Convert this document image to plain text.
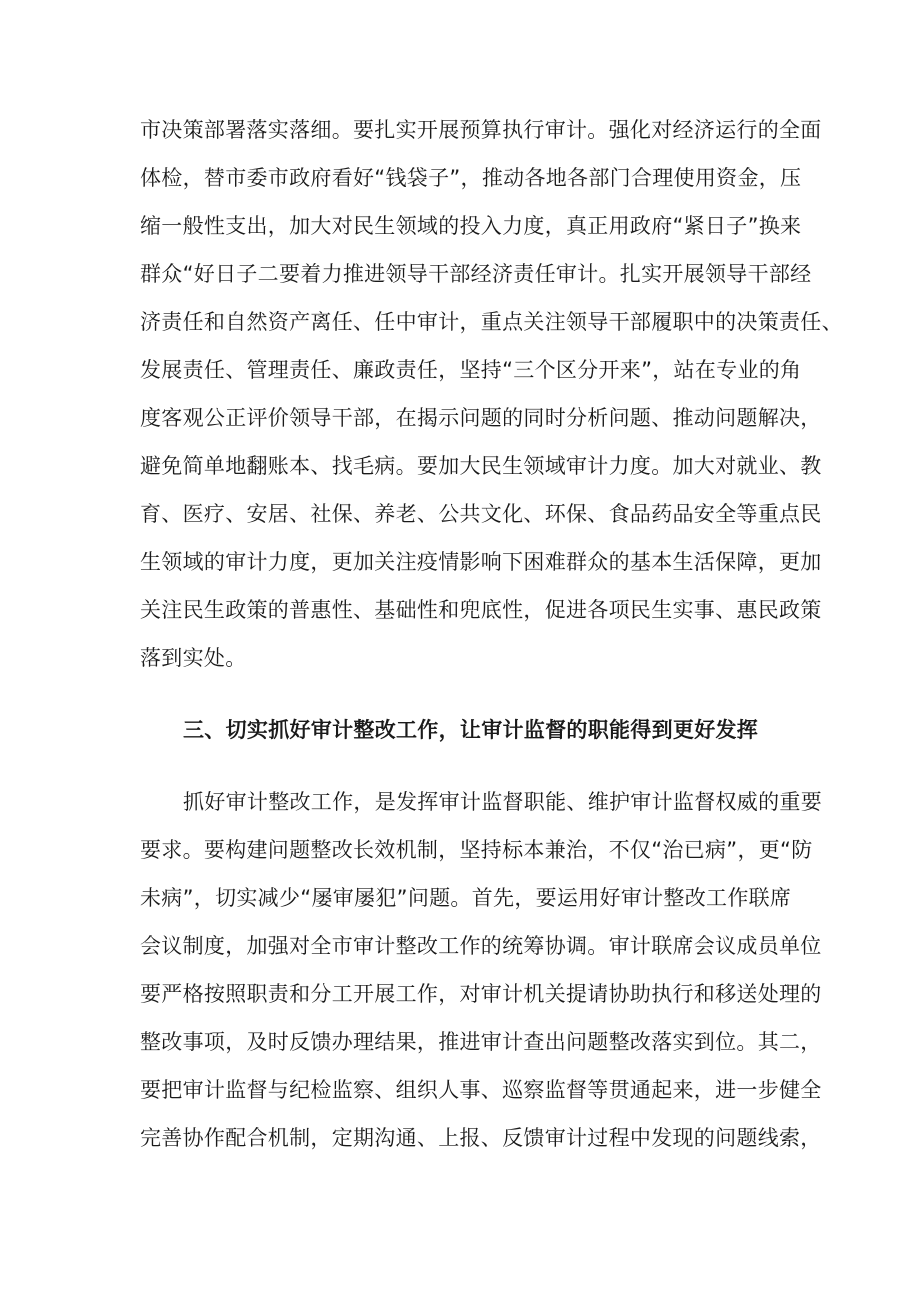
市决策部署落实落细。要扎实开展预算执行审计。强化对经济运行的全面
体检，替市委市政府看好“钱袋子”，推动各地各部门合理使用资金，压
缩一般性支出，加大对民生领域的投入力度，真正用政府“紧日子”换来
群众“好日子二要着力推进领导干部经济责任审计。扎实开展领导干部经
济责任和自然资产离任、任中审计，重点关注领导干部履职中的决策责任、
发展责任、管理责任、廉政责任，坚持“三个区分开来”，站在专业的角
度客观公正评价领导干部，在揭示问题的同时分析问题、推动问题解决，
避免简单地翻账本、找毛病。要加大民生领域审计力度。加大对就业、教
育、医疗、安居、社保、养老、公共文化、环保、食品药品安全等重点民
生领域的审计力度，更加关注疫情影响下困难群众的基本生活保障，更加
关注民生政策的普惠性、基础性和兜底性，促进各项民生实事、惠民政策
落到实处。
三、切实抓好审计整改工作，让审计监督的职能得到更好发挥
抓好审计整改工作，是发挥审计监督职能、维护审计监督权威的重要
要求。要构建问题整改长效机制，坚持标本兼治，不仅“治已病”，更“防
未病”，切实减少“屡审屡犯”问题。首先，要运用好审计整改工作联席
会议制度，加强对全市审计整改工作的统筹协调。审计联席会议成员单位
要严格按照职责和分工开展工作，对审计机关提请协助执行和移送处理的
整改事项，及时反馈办理结果，推进审计查出问题整改落实到位。其二，
要把审计监督与纪检监察、组织人事、巡察监督等贯通起来，进一步健全
完善协作配合机制，定期沟通、上报、反馈审计过程中发现的问题线索，
